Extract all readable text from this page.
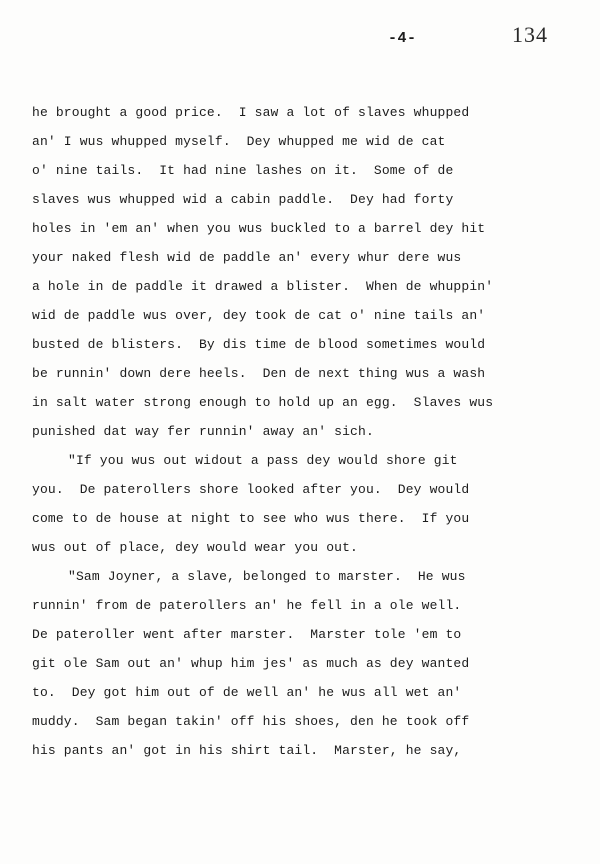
-4-	134
he brought a good price.  I saw a lot of slaves whupped
an' I wus whupped myself.  Dey whupped me wid de cat
o' nine tails.  It had nine lashes on it.  Some of de
slaves wus whupped wid a cabin paddle.  Dey had forty
holes in 'em an' when you wus buckled to a barrel dey hit
your naked flesh wid de paddle an' every whur dere wus
a hole in de paddle it drawed a blister.  When de whuppin'
wid de paddle wus over, dey took de cat o' nine tails an'
busted de blisters.  By dis time de blood sometimes would
be runnin' down dere heels.  Den de next thing wus a wash
in salt water strong enough to hold up an egg.  Slaves wus
punished dat way fer runnin' away an' sich.
"If you wus out widout a pass dey would shore git
you.  De paterollers shore looked after you.  Dey would
come to de house at night to see who wus there.  If you
wus out of place, dey would wear you out.
"Sam Joyner, a slave, belonged to marster.  He wus
runnin' from de paterollers an' he fell in a ole well.
De pateroller went after marster.  Marster tole 'em to
git ole Sam out an' whup him jes' as much as dey wanted
to.  Dey got him out of de well an' he wus all wet an'
muddy.  Sam began takin' off his shoes, den he took off
his pants an' got in his shirt tail.  Marster, he say,
